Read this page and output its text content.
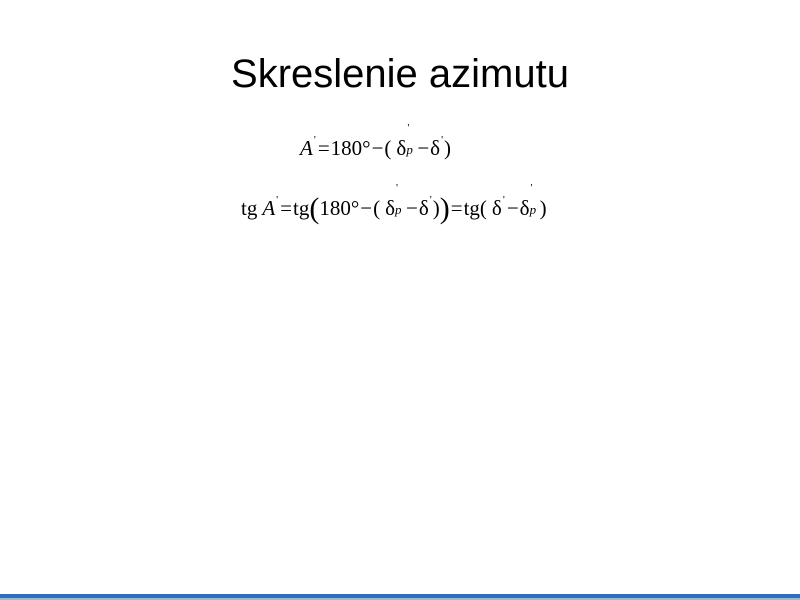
Skreslenie azimutu
A'=180°−( δ
'
p −δ')
tg A'=tg(180°−( δ
'
p −δ'))=tg( δ'−δ
'
p )
